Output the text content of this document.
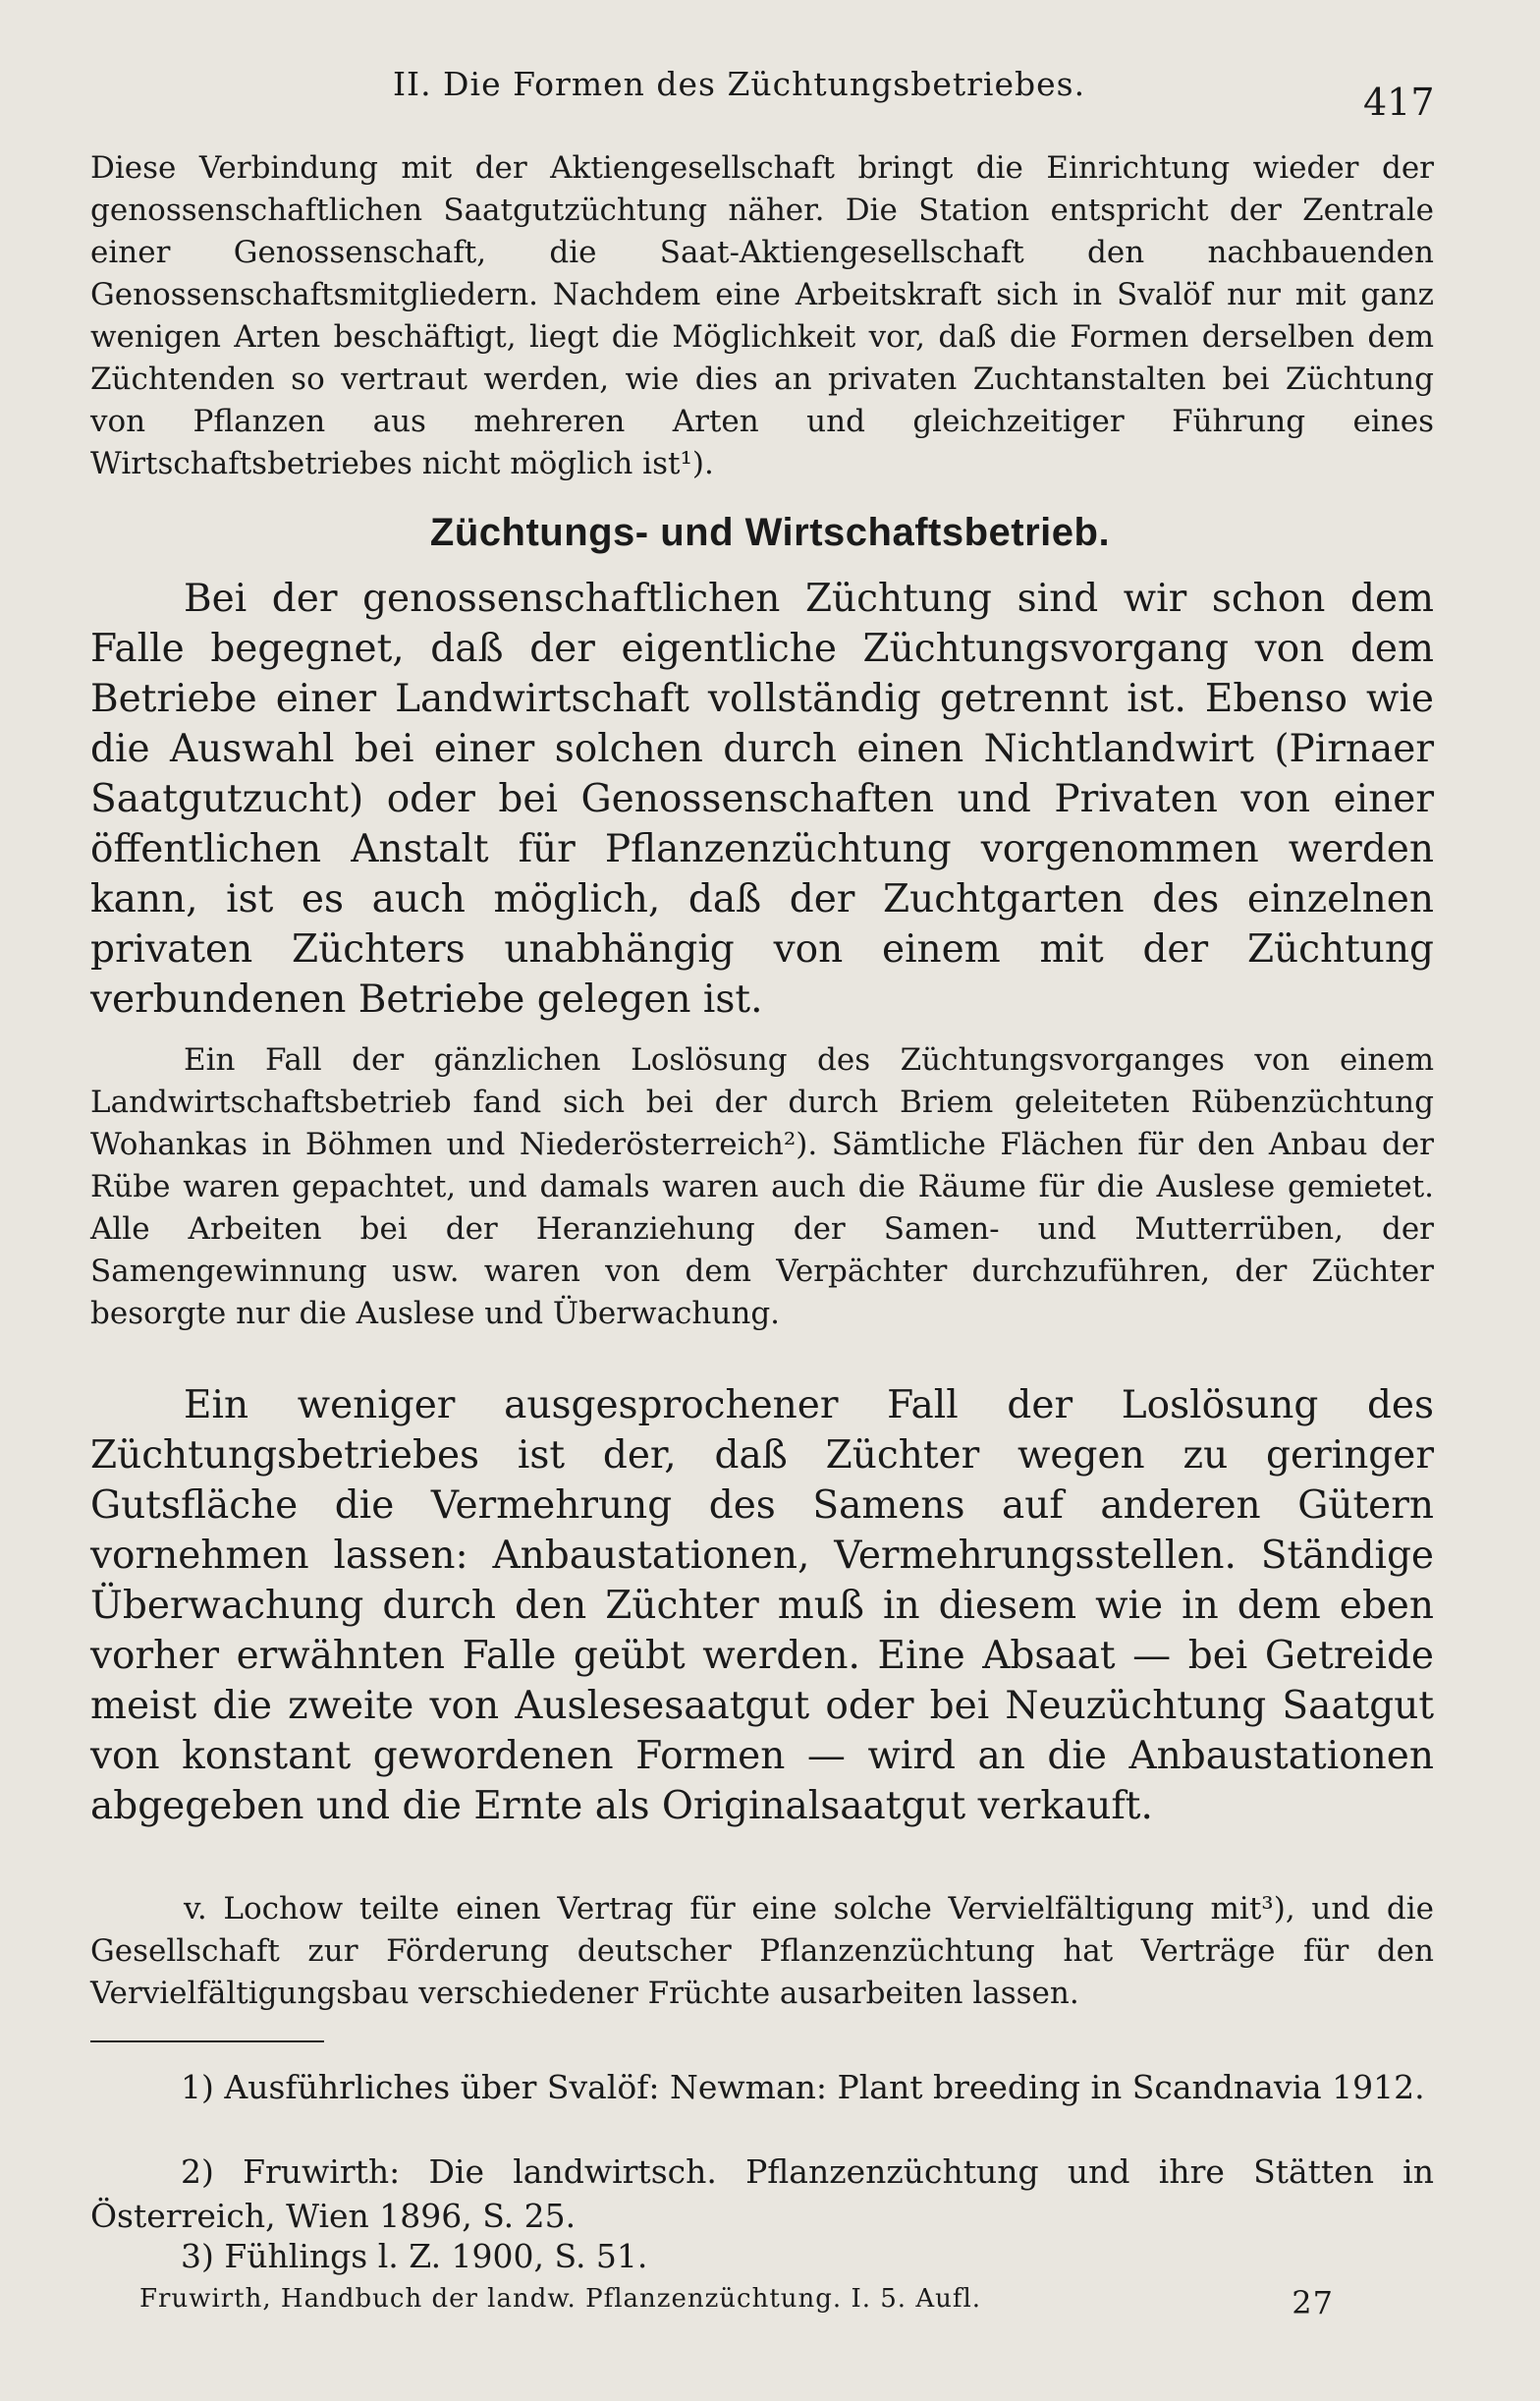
II. Die Formen des Züchtungsbetriebes.	417

Diese Verbindung mit der Aktiengesellschaft bringt die Einrichtung wieder der genossenschaftlichen Saatgutzüchtung näher. Die Station entspricht der Zentrale einer Genossenschaft, die Saat-Aktiengesellschaft den nachbauenden Genossenschaftsmitgliedern. Nachdem eine Arbeitskraft sich in Svalöf nur mit ganz wenigen Arten beschäftigt, liegt die Möglichkeit vor, daß die Formen derselben dem Züchtenden so vertraut werden, wie dies an privaten Zuchtanstalten bei Züchtung von Pflanzen aus mehreren Arten und gleichzeitiger Führung eines Wirtschaftsbetriebes nicht möglich ist¹).

Züchtungs- und Wirtschaftsbetrieb.

Bei der genossenschaftlichen Züchtung sind wir schon dem Falle begegnet, daß der eigentliche Züchtungsvorgang von dem Betriebe einer Landwirtschaft vollständig getrennt ist. Ebenso wie die Auswahl bei einer solchen durch einen Nichtlandwirt (Pirnaer Saatgutzucht) oder bei Genossenschaften und Privaten von einer öffentlichen Anstalt für Pflanzenzüchtung vorgenommen werden kann, ist es auch möglich, daß der Zuchtgarten des einzelnen privaten Züchters unabhängig von einem mit der Züchtung verbundenen Betriebe gelegen ist.

Ein Fall der gänzlichen Loslösung des Züchtungsvorganges von einem Landwirtschaftsbetrieb fand sich bei der durch Briem geleiteten Rübenzüchtung Wohankas in Böhmen und Niederösterreich²). Sämtliche Flächen für den Anbau der Rübe waren gepachtet, und damals waren auch die Räume für die Auslese gemietet. Alle Arbeiten bei der Heranziehung der Samen- und Mutterrüben, der Samengewinnung usw. waren von dem Verpächter durchzuführen, der Züchter besorgte nur die Auslese und Überwachung.

Ein weniger ausgesprochener Fall der Loslösung des Züchtungsbetriebes ist der, daß Züchter wegen zu geringer Gutsfläche die Vermehrung des Samens auf anderen Gütern vornehmen lassen: Anbaustationen, Vermehrungsstellen. Ständige Überwachung durch den Züchter muß in diesem wie in dem eben vorher erwähnten Falle geübt werden. Eine Absaat — bei Getreide meist die zweite von Auslesesaatgut oder bei Neuzüchtung Saatgut von konstant gewordenen Formen — wird an die Anbaustationen abgegeben und die Ernte als Originalsaatgut verkauft.

v. Lochow teilte einen Vertrag für eine solche Vervielfältigung mit³), und die Gesellschaft zur Förderung deutscher Pflanzenzüchtung hat Verträge für den Vervielfältigungsbau verschiedener Früchte ausarbeiten lassen.

1) Ausführliches über Svalöf: Newman: Plant breeding in Scandnavia 1912.
2) Fruwirth: Die landwirtsch. Pflanzenzüchtung und ihre Stätten in Österreich, Wien 1896, S. 25.
3) Fühlings l. Z. 1900, S. 51.
Fruwirth, Handbuch der landw. Pflanzenzüchtung. I. 5. Aufl.	27
